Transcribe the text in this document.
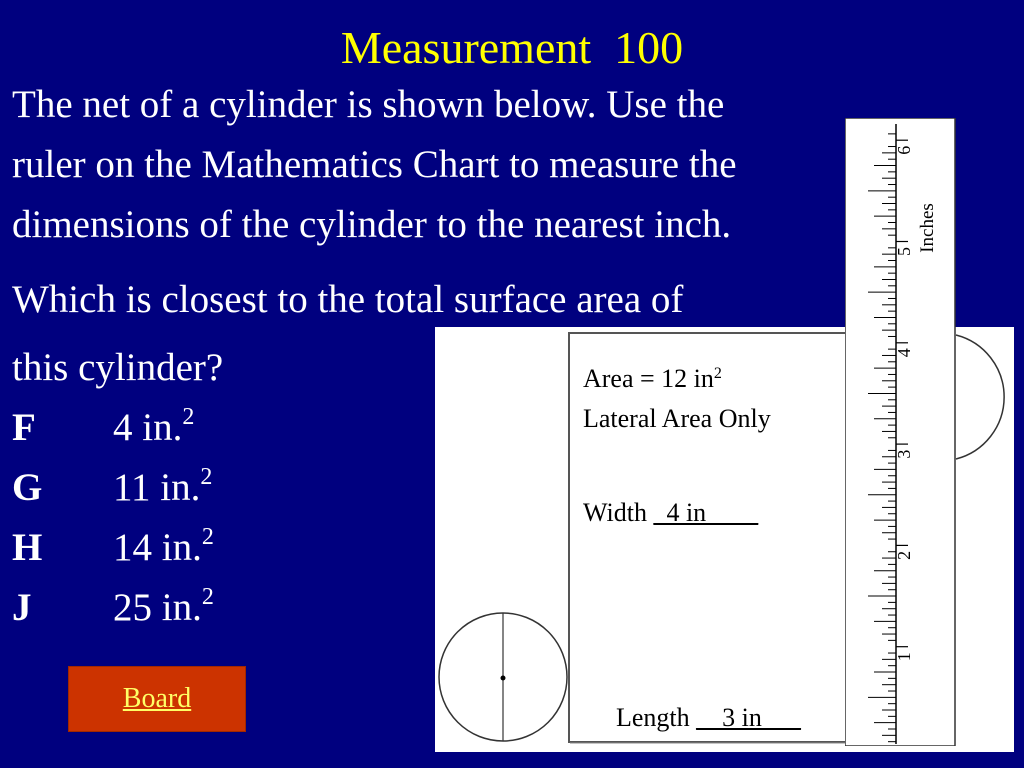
Measurement  100
The net of a cylinder is shown below. Use the
ruler on the Mathematics Chart to measure the
dimensions of the cylinder to the nearest inch.
Which is closest to the total surface area of
this cylinder?
F 4 in.$^2$
G 11 in.$^2$
H 14 in.$^2$
J 25 in.$^2$
Board
Area = 12 $in^2$
Lateral Area Only
Width _4 in____
Length __3 in___
Inches
1
2
3
4
5
6
